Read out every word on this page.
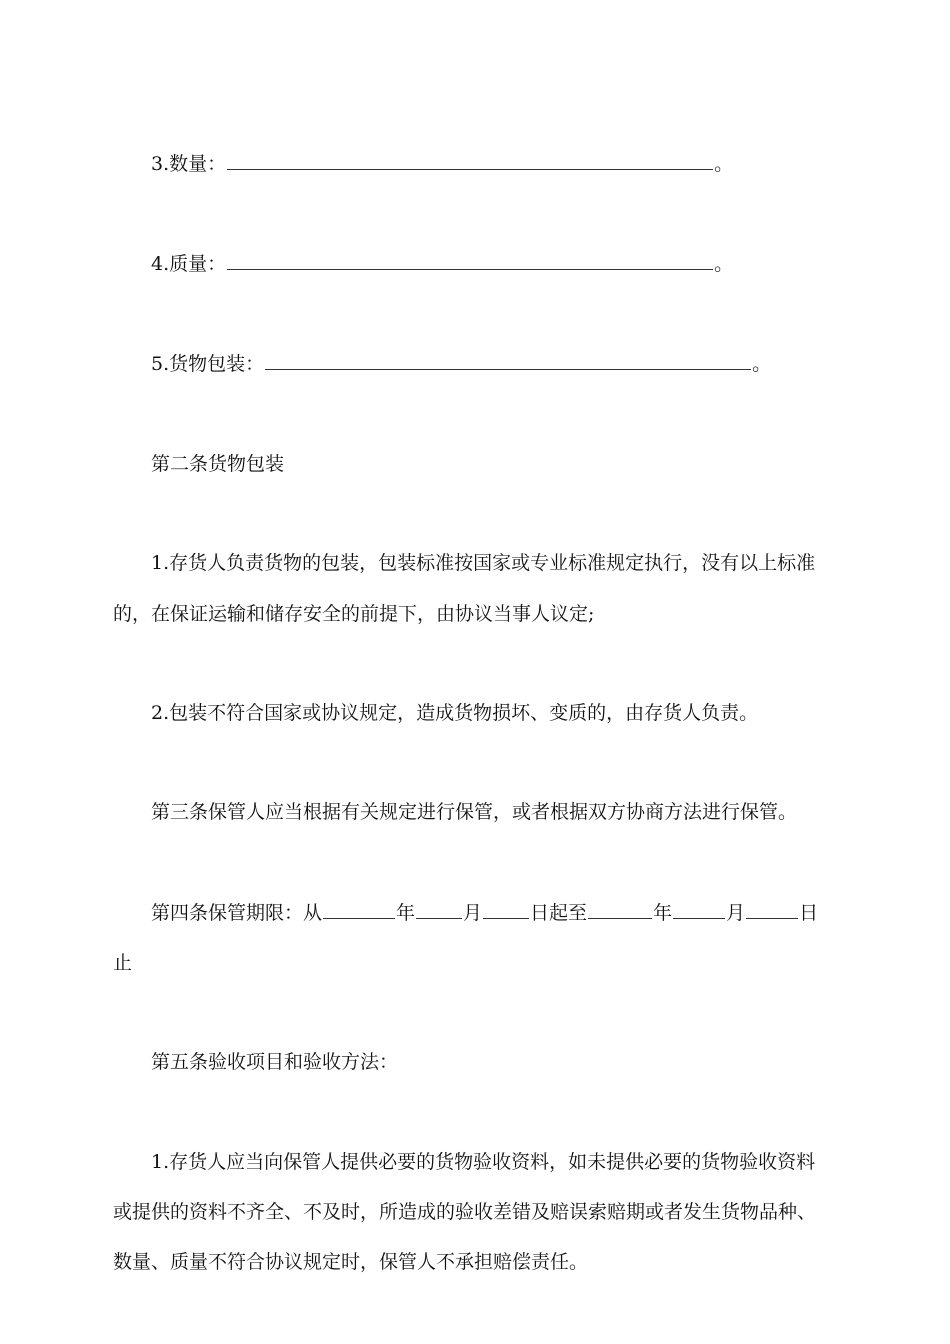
3.数量：	。
4.质量：	。
5.货物包装：	。
第二条货物包装
1.存货人负责货物的包装，包装标准按国家或专业标准规定执行，没有以上标准
的，在保证运输和储存安全的前提下，由协议当事人议定;
2.包装不符合国家或协议规定，造成货物损坏、变质的，由存货人负责。
第三条保管人应当根据有关规定进行保管，或者根据双方协商方法进行保管。
第四条保管期限：从	年	月	日起至	年	月	日
止
第五条验收项目和验收方法：
1.存货人应当向保管人提供必要的货物验收资料，如未提供必要的货物验收资料
或提供的资料不齐全、不及时，所造成的验收差错及赔误索赔期或者发生货物品种、
数量、质量不符合协议规定时，保管人不承担赔偿责任。
